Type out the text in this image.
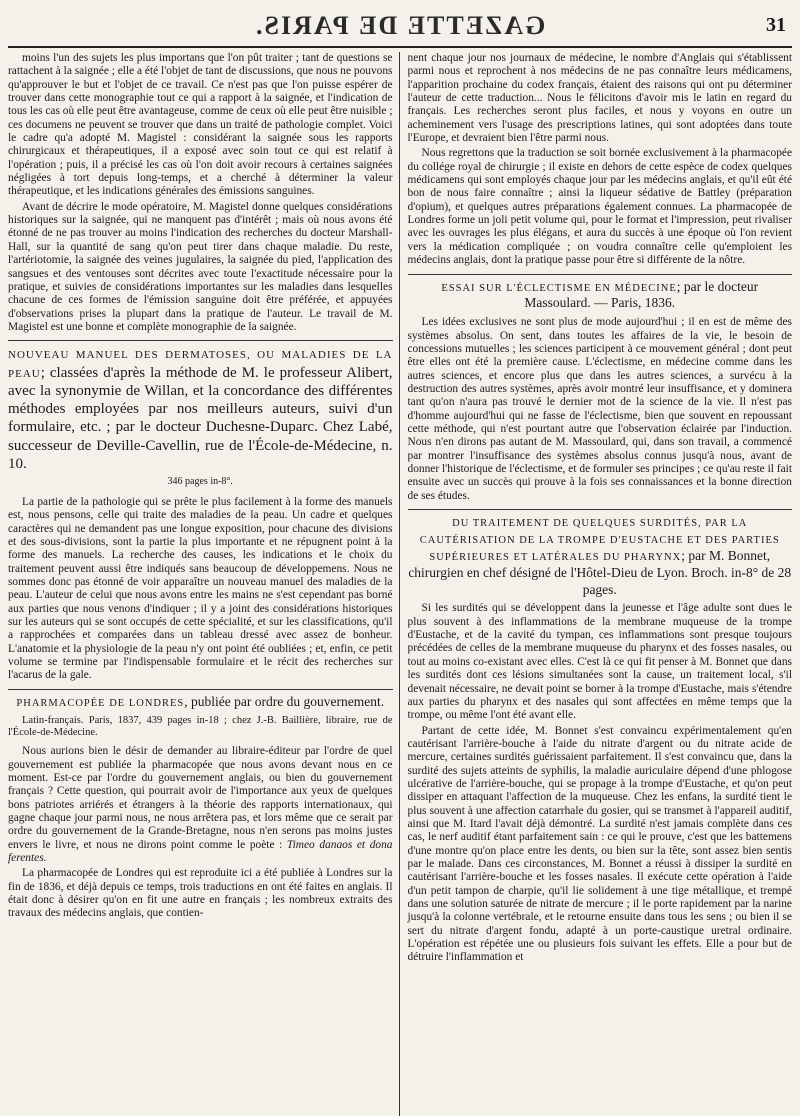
GAZETTE DE PARIS.	31

moins l'un des sujets les plus importans que l'on pût traiter ; tant de questions se rattachent à la saignée ; elle a été l'objet de tant de discussions, que nous ne pouvons qu'approuver le but et l'objet de ce travail. Ce n'est pas que l'on puisse espérer de trouver dans cette monographie tout ce qui a rapport à la saignée, et l'indication de tous les cas où elle peut être avantageuse, comme de ceux où elle peut être nuisible ; ces documens ne peuvent se trouver que dans un traité de pathologie complet. Voici le cadre qu'a adopté M. Magistel : considérant la saignée sous les rapports chirurgicaux et thérapeutiques, il a exposé avec soin tout ce qui est relatif à l'opération ; puis, il a précisé les cas où l'on doit avoir recours à certaines saignées négligées à tort depuis long-temps, et a cherché à déterminer la valeur thérapeutique, et les indications générales des émissions sanguines.

Avant de décrire le mode opératoire, M. Magistel donne quelques considérations historiques sur la saignée, qui ne manquent pas d'intérêt ; mais où nous avons été étonné de ne pas trouver au moins l'indication des recherches du docteur Marshall-Hall, sur la quantité de sang qu'on peut tirer dans chaque maladie. Du reste, l'artériotomie, la saignée des veines jugulaires, la saignée du pied, l'application des sangsues et des ventouses sont décrites avec toute l'exactitude nécessaire pour la pratique, et suivies de considérations importantes sur les maladies dans lesquelles chacune de ces formes de l'émission sanguine doit être préférée, et appuyées d'observations prises la plupart dans la pratique de l'auteur. Le travail de M. Magistel est une bonne et complète monographie de la saignée.

NOUVEAU MANUEL DES DERMATOSES, OU MALADIES DE LA PEAU; classées d'après la méthode de M. le professeur Alibert, avec la synonymie de Willan, et la concordance des différentes méthodes employées par nos meilleurs auteurs, suivi d'un formulaire, etc. ; par le docteur Duchesne-Duparc. Chez Labé, successeur de Deville-Cavellin, rue de l'École-de-Médecine, n. 10.
346 pages in-8°.

La partie de la pathologie qui se prête le plus facilement à la forme des manuels est, nous pensons, celle qui traite des maladies de la peau. Un cadre et quelques caractères qui ne demandent pas une longue exposition, pour chacune des divisions et des sous-divisions, sont la partie la plus importante et ne répugnent point à la forme des manuels. La recherche des causes, les indications et le choix du traitement peuvent aussi être indiqués sans beaucoup de développemens. Nous ne sommes donc pas étonné de voir apparaître un nouveau manuel des maladies de la peau. L'auteur de celui que nous avons entre les mains ne s'est cependant pas borné aux parties que nous venons d'indiquer ; il y a joint des considérations historiques sur les auteurs qui se sont occupés de cette spécialité, et sur les classifications, qu'il a rapprochées et comparées dans un tableau dressé avec assez de bonheur. L'anatomie et la physiologie de la peau n'y ont point été oubliées ; et, enfin, ce petit volume se termine par l'indispensable formulaire et le récit des recherches sur l'acarus de la gale.

PHARMACOPÉE DE LONDRES, publiée par ordre du gouvernement.

Latin-français. Paris, 1837, 439 pages in-18 ; chez J.-B. Baillière, libraire, rue de l'École-de-Médecine.

Nous aurions bien le désir de demander au libraire-éditeur par l'ordre de quel gouvernement est publiée la pharmacopée que nous avons devant nous en ce moment. Est-ce par l'ordre du gouvernement anglais, ou bien du gouvernement français ? Cette question, qui pourrait avoir de l'importance aux yeux de quelques bons patriotes arriérés et étrangers à la théorie des rapports internationaux, qui gagne chaque jour parmi nous, ne nous arrêtera pas, et lors même que ce serait par ordre du gouvernement de la Grande-Bretagne, nous n'en serons pas moins justes envers le livre, et nous ne dirons point comme le poète : Timeo danaos et dona ferentes.

La pharmacopée de Londres qui est reproduite ici a été publiée à Londres sur la fin de 1836, et déjà depuis ce temps, trois traductions en ont été faites en anglais. Il était donc à désirer qu'on en fit une autre en français ; les nombreux extraits des travaux des médecins anglais, que contien-

nent chaque jour nos journaux de médecine, le nombre d'Anglais qui s'établissent parmi nous et reprochent à nos médecins de ne pas connaître leurs médicamens, l'apparition prochaine du codex français, étaient des raisons qui ont pu déterminer l'auteur de cette traduction... Nous le félicitons d'avoir mis le latin en regard du français. Les recherches seront plus faciles, et nous y voyons en outre un acheminement vers l'usage des prescriptions latines, qui sont adoptées dans toute l'Europe, et devraient bien l'être parmi nous.

Nous regrettons que la traduction se soit bornée exclusivement à la pharmacopée du collége royal de chirurgie ; il existe en dehors de cette espèce de codex quelques médicamens qui sont employés chaque jour par les médecins anglais, et qu'il eût été bon de nous faire connaître ; ainsi la liqueur sédative de Battley (préparation d'opium), et quelques autres préparations également connues. La pharmacopée de Londres forme un joli petit volume qui, pour le format et l'impression, peut rivaliser avec les ouvrages les plus élégans, et aura du succès à une époque où l'on revient vers la médication compliquée ; on voudra connaître celle qu'emploient les médecins anglais, dont la pratique passe pour être si différente de la nôtre.

ESSAI SUR L'ÉCLECTISME EN MÉDECINE; par le docteur Massoulard. — Paris, 1836.

Les idées exclusives ne sont plus de mode aujourd'hui ; il en est de même des systèmes absolus. On sent, dans toutes les affaires de la vie, le besoin de concessions mutuelles ; les sciences participent à ce mouvement général ; dont peut être elles ont été la première cause. L'éclectisme, en médecine comme dans les autres sciences, et encore plus que dans les autres sciences, a survécu à la destruction des autres systèmes, après avoir montré leur insuffisance, et y dominera tant qu'on n'aura pas trouvé le dernier mot de la science de la vie. Il n'est pas d'homme aujourd'hui qui ne fasse de l'éclectisme, bien que souvent en repoussant cette méthode, qui n'est pourtant autre que l'observation éclairée par l'induction. Nous n'en dirons pas autant de M. Massoulard, qui, dans son travail, a commencé par montrer l'insuffisance des systèmes absolus connus jusqu'à nous, avant de donner l'historique de l'éclectisme, et de formuler ses principes ; ce qu'au reste il fait ensuite avec un succès qui prouve à la fois ses connaissances et la bonne direction de ses études.

DU TRAITEMENT DE QUELQUES SURDITÉS, PAR LA CAUTÉRISATION DE LA TROMPE D'EUSTACHE ET DES PARTIES SUPÉRIEURES ET LATÉRALES DU PHARYNX; par M. Bonnet, chirurgien en chef désigné de l'Hôtel-Dieu de Lyon. Broch. in-8° de 28 pages.

Si les surdités qui se développent dans la jeunesse et l'âge adulte sont dues le plus souvent à des inflammations de la membrane muqueuse de la trompe d'Eustache, et de la cavité du tympan, ces inflammations sont presque toujours précédées de celles de la membrane muqueuse du pharynx et des fosses nasales, ou tout au moins co-existant avec elles. C'est là ce qui fit penser à M. Bonnet que dans les surdités dont ces lésions simultanées sont la cause, un traitement local, s'il devenait nécessaire, ne devait point se borner à la trompe d'Eustache, mais s'étendre aux parties du pharynx et des nasales qui sont affectées en même temps que la trompe, ou même l'ont été avant elle.

Partant de cette idée, M. Bonnet s'est convaincu expérimentalement qu'en cautérisant l'arrière-bouche à l'aide du nitrate d'argent ou du nitrate acide de mercure, certaines surdités guérissaient parfaitement. Il s'est convaincu que, dans la surdité des sujets atteints de syphilis, la maladie auriculaire dépend d'une phlogose ulcérative de l'arrière-bouche, qui se propage à la trompe d'Eustache, et qu'on peut dissiper en attaquant l'affection de la muqueuse. Chez les enfans, la surdité tient le plus souvent à une affection catarrhale du gosier, qui se transmet à l'appareil auditif, ainsi que M. Itard l'avait déjà démontré. La surdité n'est jamais complète dans ces cas, le nerf auditif étant parfaitement sain : ce qui le prouve, c'est que les battemens d'une montre qu'on place entre les dents, ou bien sur la tête, sont assez bien sentis par le malade. Dans ces circonstances, M. Bonnet a réussi à dissiper la surdité en cautérisant l'arrière-bouche et les fosses nasales. Il exécute cette opération à l'aide d'un petit tampon de charpie, qu'il lie solidement à une tige métallique, et trempé dans une solution saturée de nitrate de mercure ; il le porte rapidement par la narine jusqu'à la colonne vertébrale, et le retourne ensuite dans tous les sens ; ou bien il se sert du nitrate d'argent fondu, adapté à un porte-caustique uretral ordinaire. L'opération est répétée une ou plusieurs fois suivant les effets. Elle a pour but de détruire l'inflammation et
